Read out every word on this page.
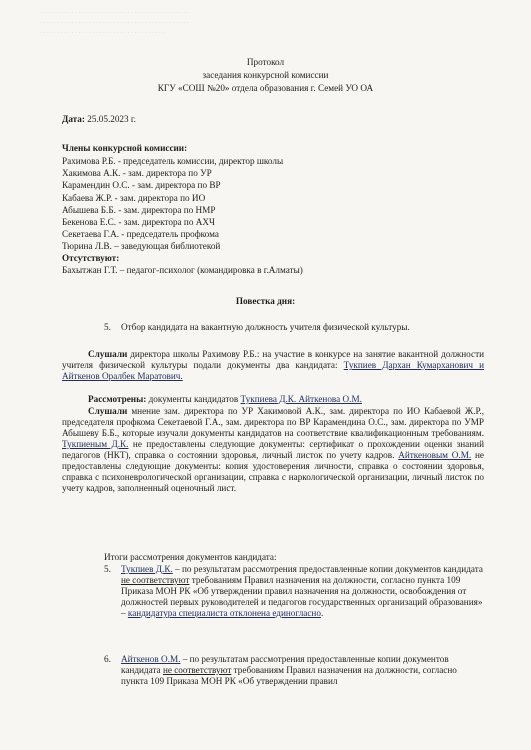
. . . . . . . . . . . . . . . . . . . . . . . . . . . . . . . . . . . . . . . . . . .
. . . . . . . . . . . . . . . . . . . . . . . . . . . . . . . . . . . . . . . . . . .
. . . . . . . . . . . . . . . . . . . . . . . . . . . . . . . . . . . .
Протокол
заседания конкурсной комиссии
КГУ «СОШ №20» отдела образования г. Семей УО ОА
Дата: 25.05.2023 г.
Члены конкурсной комиссии:
Рахимова Р.Б. - председатель комиссии, директор школы
Хакимова А.К. - зам. директора по УР
Карамендин О.С. - зам. директора по ВР
Кабаева Ж.Р. - зам. директора по ИО
Абышева Б.Б. - зам. директора по НМР
Бекенова Е.С. - зам. директора по АХЧ
Секетаева Г.А. - председатель профкома
Тюрина Л.В. – заведующая библиотекой
Отсутствуют:
Бахытжан Г.Т. – педагог-психолог (командировка в г.Алматы)
Повестка дня:
5. Отбор кандидата на вакантную должность учителя физической культуры.
Слушали директора школы Рахимову Р.Б.: на участие в конкурсе на занятие вакантной должности учителя физической культуры подали документы два кандидата: Тукпиев Дархан Кумарханович и Айткенов Оралбек Маратович.
Рассмотрены: документы кандидатов Тукпиева Д.К. Айткенова О.М.
Слушали мнение зам. директора по УР Хакимовой А.К., зам. директора по ИО Кабаевой Ж.Р., председателя профкома Секетаевой Г.А., зам. директора по ВР Карамендина О.С., зам. директора по УМР Абышеву Б.Б., которые изучали документы кандидатов на соответствие квалификационным требованиям. Тукпиеным Д.К. не предоставлены следующие документы: сертификат о прохождении оценки знаний педагогов (НКТ), справка о состоянии здоровья, личный листок по учету кадров. Айткеновым О.М. не предоставлены следующие документы: копия удостоверения личности, справка о состоянии здоровья, справка с психоневрологической организации, справка с наркологической организации, личный листок по учету кадров, заполненный оценочный лист.
Итоги рассмотрения документов кандидата:
5. Тукпиев Д.К. – по результатам рассмотрения предоставленные копии документов кандидата не соответствуют требованиям Правил назначения на должности, согласно пункта 109 Приказа МОН РК «Об утверждении правил назначения на должности, освобождения от должностей первых руководителей и педагогов государственных организаций образования» – кандидатура специалиста отклонена единогласно.
6. Айткенов О.М. – по результатам рассмотрения предоставленные копии документов кандидата не соответствуют требованиям Правил назначения на должности, согласно пункта 109 Приказа МОН РК «Об утверждении правил
